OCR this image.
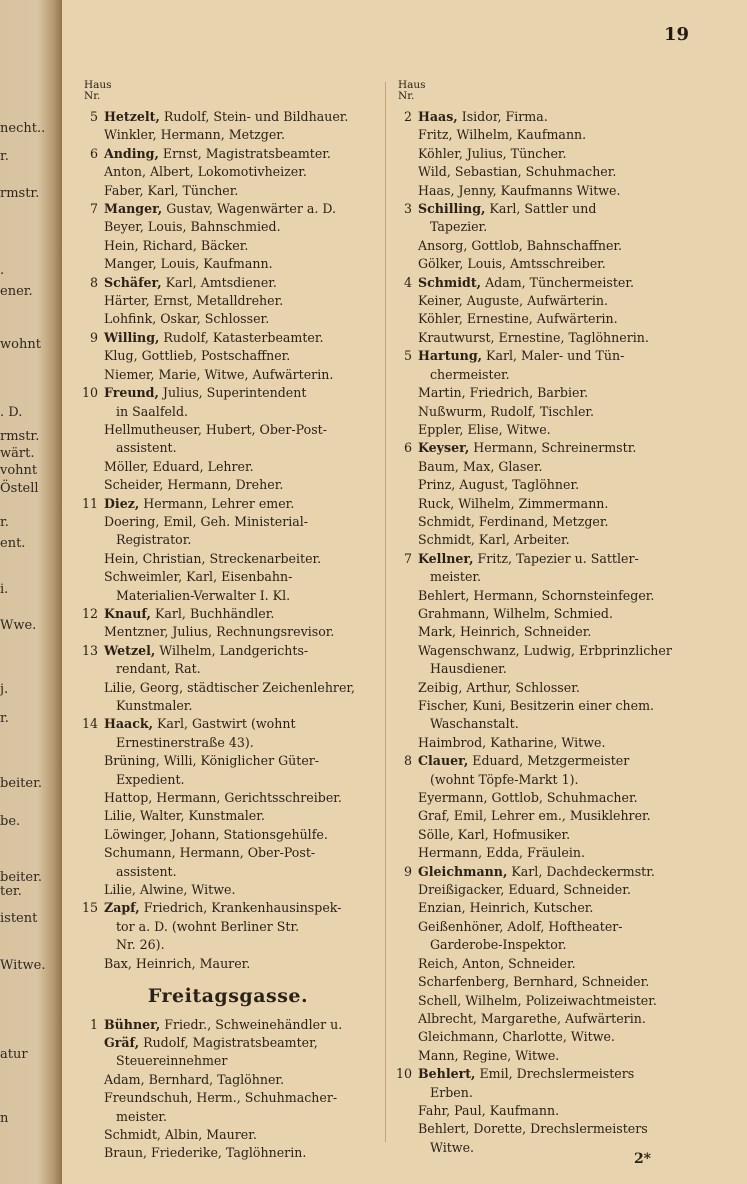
necht..
r.
rmstr.
.
ener.
wohnt
. D.
rmstr.
wärt.
vohnt
Östell
r.
ent.
i.
Wwe.
j.
r.
beiter.
be.
beiter.
ter.
istent
Witwe.
atur
n
19
Haus
Nr.
5 Hetzelt, Rudolf, Stein- und Bildhauer.
Winkler, Hermann, Metzger.
6 Anding, Ernst, Magistratsbeamter.
Anton, Albert, Lokomotivheizer.
Faber, Karl, Tüncher.
7 Manger, Gustav, Wagenwärter a. D.
Beyer, Louis, Bahnschmied.
Hein, Richard, Bäcker.
Manger, Louis, Kaufmann.
8 Schäfer, Karl, Amtsdiener.
Härter, Ernst, Metalldreher.
Lohfink, Oskar, Schlosser.
9 Willing, Rudolf, Katasterbeamter.
Klug, Gottlieb, Postschaffner.
Niemer, Marie, Witwe, Aufwärterin.
10 Freund, Julius, Superintendent
in Saalfeld.
Hellmutheuser, Hubert, Ober-Post-
assistent.
Möller, Eduard, Lehrer.
Scheider, Hermann, Dreher.
11 Diez, Hermann, Lehrer emer.
Doering, Emil, Geh. Ministerial-
Registrator.
Hein, Christian, Streckenarbeiter.
Schweimler, Karl, Eisenbahn-
Materialien-Verwalter I. Kl.
12 Knauf, Karl, Buchhändler.
Mentzner, Julius, Rechnungsrevisor.
13 Wetzel, Wilhelm, Landgerichts-
rendant, Rat.
Lilie, Georg, städtischer Zeichenlehrer,
Kunstmaler.
14 Haack, Karl, Gastwirt (wohnt
Ernestinerstraße 43).
Brüning, Willi, Königlicher Güter-
Expedient.
Hattop, Hermann, Gerichtsschreiber.
Lilie, Walter, Kunstmaler.
Löwinger, Johann, Stationsgehülfe.
Schumann, Hermann, Ober-Post-
assistent.
Lilie, Alwine, Witwe.
15 Zapf, Friedrich, Krankenhausinspek-
tor a. D. (wohnt Berliner Str.
Nr. 26).
Bax, Heinrich, Maurer.
Freitagsgasse.
1 Bühner, Friedr., Schweinehändler u.
Gräf, Rudolf, Magistratsbeamter,
Steuereinnehmer
Adam, Bernhard, Taglöhner.
Freundschuh, Herm., Schuhmacher-
meister.
Schmidt, Albin, Maurer.
Braun, Friederike, Taglöhnerin.
Haus
Nr.
2 Haas, Isidor, Firma.
Fritz, Wilhelm, Kaufmann.
Köhler, Julius, Tüncher.
Wild, Sebastian, Schuhmacher.
Haas, Jenny, Kaufmanns Witwe.
3 Schilling, Karl, Sattler und
Tapezier.
Ansorg, Gottlob, Bahnschaffner.
Gölker, Louis, Amtsschreiber.
4 Schmidt, Adam, Tünchermeister.
Keiner, Auguste, Aufwärterin.
Köhler, Ernestine, Aufwärterin.
Krautwurst, Ernestine, Taglöhnerin.
5 Hartung, Karl, Maler- und Tün-
chermeister.
Martin, Friedrich, Barbier.
Nußwurm, Rudolf, Tischler.
Eppler, Elise, Witwe.
6 Keyser, Hermann, Schreinermstr.
Baum, Max, Glaser.
Prinz, August, Taglöhner.
Ruck, Wilhelm, Zimmermann.
Schmidt, Ferdinand, Metzger.
Schmidt, Karl, Arbeiter.
7 Kellner, Fritz, Tapezier u. Sattler-
meister.
Behlert, Hermann, Schornsteinfeger.
Grahmann, Wilhelm, Schmied.
Mark, Heinrich, Schneider.
Wagenschwanz, Ludwig, Erbprinzlicher
Hausdiener.
Zeibig, Arthur, Schlosser.
Fischer, Kuni, Besitzerin einer chem.
Waschanstalt.
Haimbrod, Katharine, Witwe.
8 Clauer, Eduard, Metzgermeister
(wohnt Töpfe-Markt 1).
Eyermann, Gottlob, Schuhmacher.
Graf, Emil, Lehrer em., Musiklehrer.
Sölle, Karl, Hofmusiker.
Hermann, Edda, Fräulein.
9 Gleichmann, Karl, Dachdeckermstr.
Dreißigacker, Eduard, Schneider.
Enzian, Heinrich, Kutscher.
Geißenhöner, Adolf, Hoftheater-
Garderobe-Inspektor.
Reich, Anton, Schneider.
Scharfenberg, Bernhard, Schneider.
Schell, Wilhelm, Polizeiwachtmeister.
Albrecht, Margarethe, Aufwärterin.
Gleichmann, Charlotte, Witwe.
Mann, Regine, Witwe.
10 Behlert, Emil, Drechslermeisters
Erben.
Fahr, Paul, Kaufmann.
Behlert, Dorette, Drechslermeisters
Witwe.
2*
